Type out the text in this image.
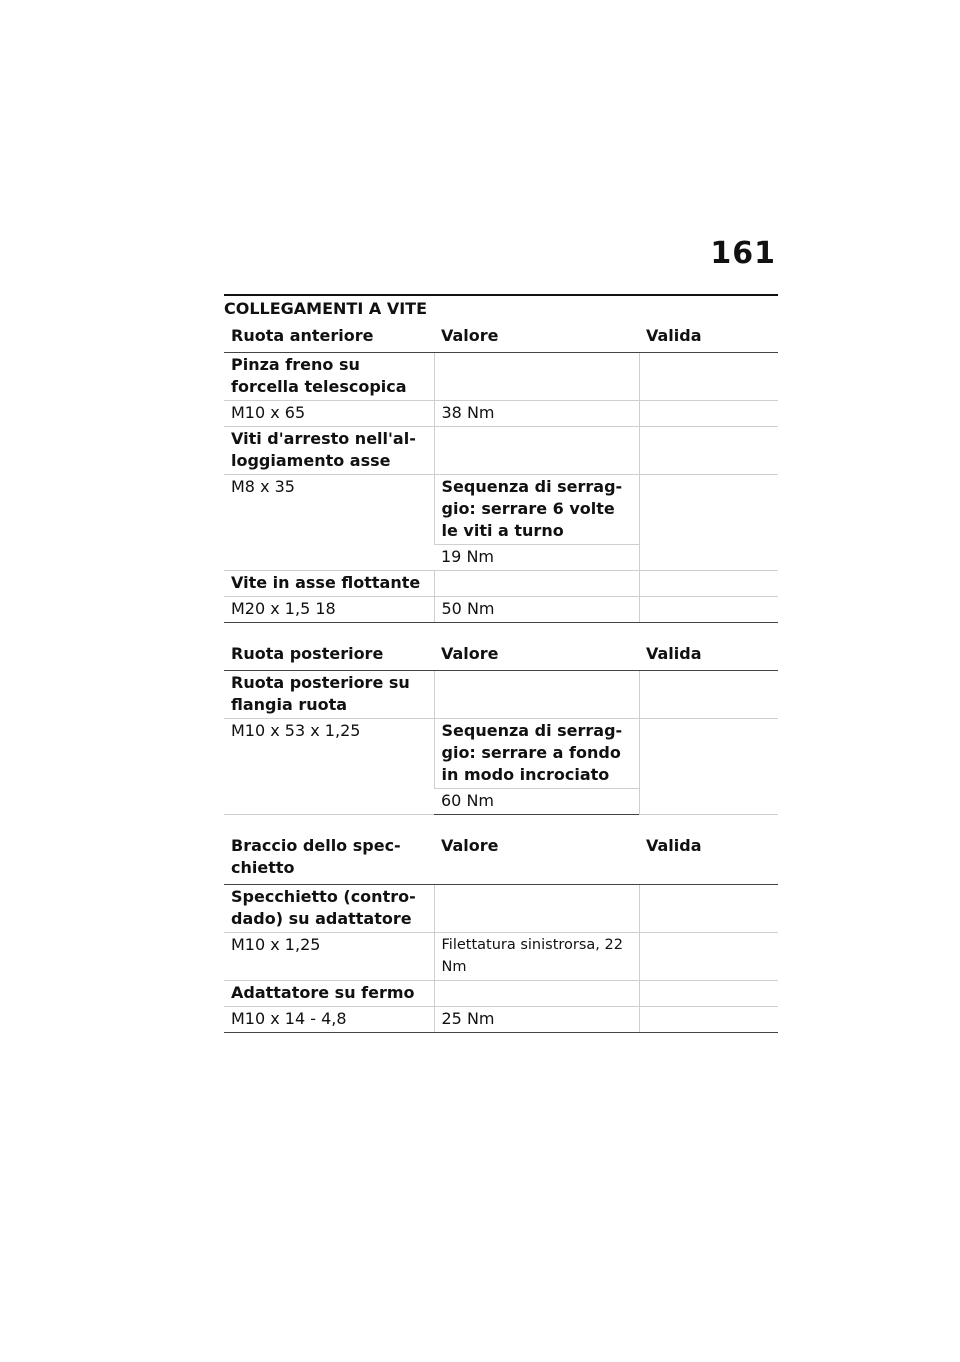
161
COLLEGAMENTI A VITE
Ruota anteriore	Valore	Valida
Pinza freno su forcella telescopica		
M10 x 65	38 Nm	
Viti d'arresto nell'al-loggiamento asse		
M8 x 35	Sequenza di serrag-gio: serrare 6 volte le viti a turno	
	19 Nm	
Vite in asse flottante		
M20 x 1,5 18	50 Nm	
Ruota posteriore	Valore	Valida
Ruota posteriore su flangia ruota		
M10 x 53 x 1,25	Sequenza di serrag-gio: serrare a fondo in modo incrociato	
	60 Nm	
Braccio dello spec-chietto	Valore	Valida
Specchietto (contro-dado) su adattatore		
M10 x 1,25	Filettatura sinistrorsa, 22 Nm	
Adattatore su fermo		
M10 x 14 - 4,8	25 Nm	
